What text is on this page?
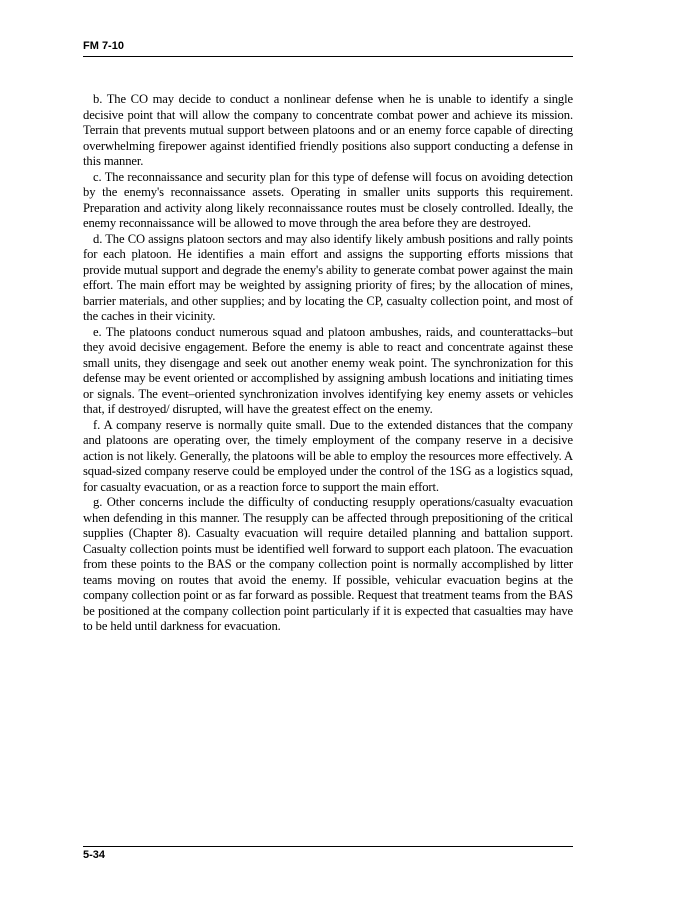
FM 7-10

b. The CO may decide to conduct a nonlinear defense when he is unable to identify a single decisive point that will allow the company to concentrate combat power and achieve its mission. Terrain that prevents mutual support between platoons and or an enemy force capable of directing overwhelming firepower against identified friendly positions also support conducting a defense in this manner.

c. The reconnaissance and security plan for this type of defense will focus on avoiding detection by the enemy's reconnaissance assets. Operating in smaller units supports this requirement. Preparation and activity along likely reconnaissance routes must be closely controlled. Ideally, the enemy reconnaissance will be allowed to move through the area before they are destroyed.

d. The CO assigns platoon sectors and may also identify likely ambush positions and rally points for each platoon. He identifies a main effort and assigns the supporting efforts missions that provide mutual support and degrade the enemy's ability to generate combat power against the main effort. The main effort may be weighted by assigning priority of fires; by the allocation of mines, barrier materials, and other supplies; and by locating the CP, casualty collection point, and most of the caches in their vicinity.

e. The platoons conduct numerous squad and platoon ambushes, raids, and counterattacks–but they avoid decisive engagement. Before the enemy is able to react and concentrate against these small units, they disengage and seek out another enemy weak point. The synchronization for this defense may be event oriented or accomplished by assigning ambush locations and initiating times or signals. The event–oriented synchronization involves identifying key enemy assets or vehicles that, if destroyed/ disrupted, will have the greatest effect on the enemy.

f. A company reserve is normally quite small. Due to the extended distances that the company and platoons are operating over, the timely employment of the company reserve in a decisive action is not likely. Generally, the platoons will be able to employ the resources more effectively. A squad-sized company reserve could be employed under the control of the 1SG as a logistics squad, for casualty evacuation, or as a reaction force to support the main effort.

g. Other concerns include the difficulty of conducting resupply operations/casualty evacuation when defending in this manner. The resupply can be affected through prepositioning of the critical supplies (Chapter 8). Casualty evacuation will require detailed planning and battalion support. Casualty collection points must be identified well forward to support each platoon. The evacuation from these points to the BAS or the company collection point is normally accomplished by litter teams moving on routes that avoid the enemy. If possible, vehicular evacuation begins at the company collection point or as far forward as possible. Request that treatment teams from the BAS be positioned at the company collection point particularly if it is expected that casualties may have to be held until darkness for evacuation.

5-34
